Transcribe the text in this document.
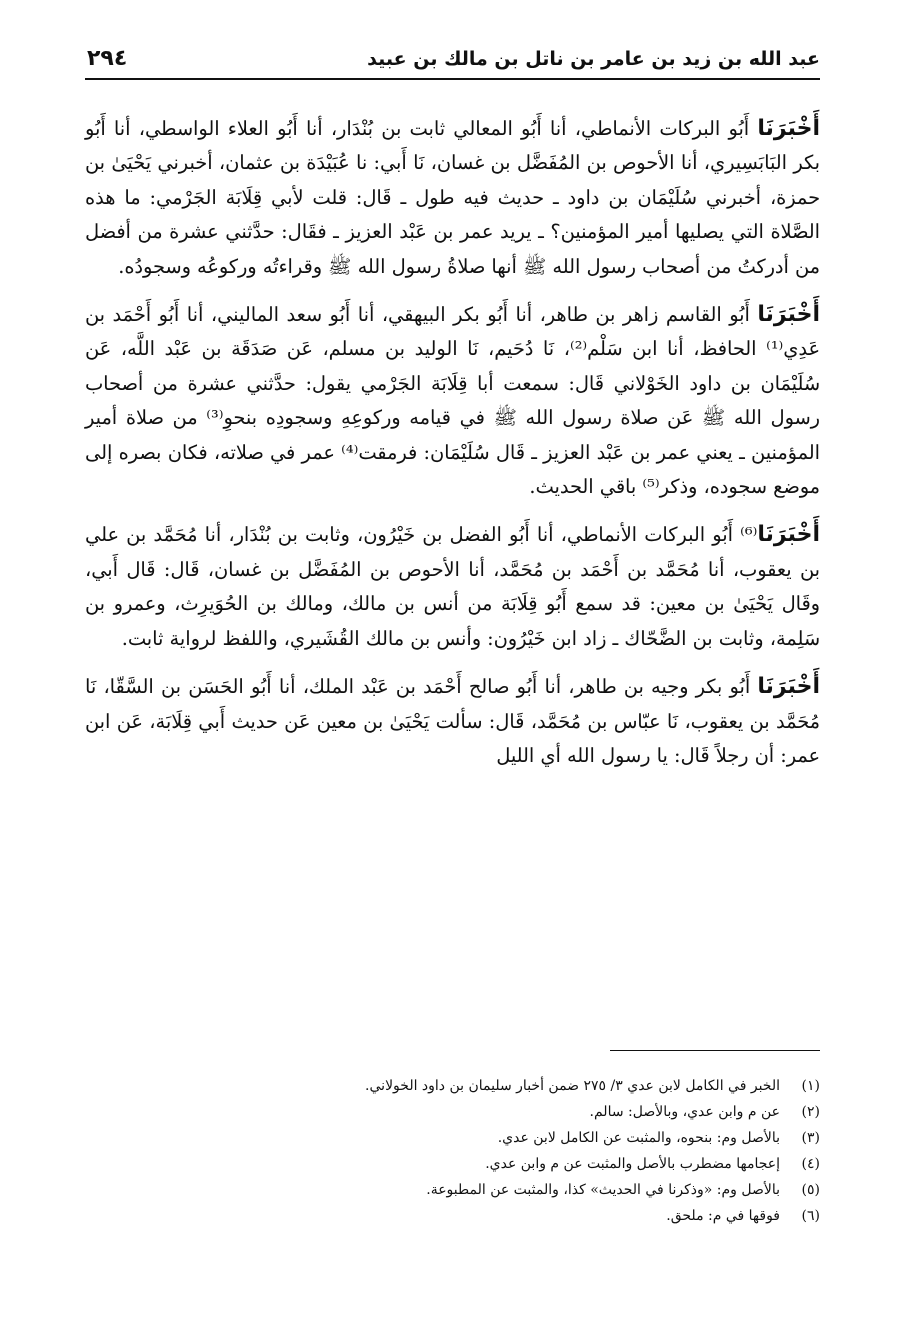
عبد الله بن زيد بن عامر بن ناتل بن مالك بن عبيد
٢٩٤

أَخْبَرَنَا أَبُو البركات الأنماطي، أنا أَبُو المعالي ثابت بن بُنْدَار، أنا أَبُو العلاء الواسطي، أنا أَبُو بكر البَابَسِيري، أنا الأحوص بن المُفَضَّل بن غسان، نَا أَبي: نا عُبَيْدَة بن عثمان، أخبرني يَحْيَىٰ بن حمزة، أخبرني سُلَيْمَان بن داود ـ حديث فيه طول ـ قَال: قلت لأبي قِلَابَة الجَرْمي: ما هذه الصَّلاة التي يصليها أمير المؤمنين؟ ـ يريد عمر بن عَبْد العزيز ـ فقَال: حدَّثني عشرة من أفضل من أدركتُ من أصحاب رسول الله ﷺ أنها صلاةُ رسول الله ﷺ وقراءتُه وركوعُه وسجودُه.

أَخْبَرَنَا أَبُو القاسم زاهر بن طاهر، أنا أَبُو بكر البيهقي، أنا أَبُو سعد الماليني، أنا أَبُو أَحْمَد بن عَدِي⁽¹⁾ الحافظ، أنا ابن سَلْم⁽²⁾، نَا دُحَيم، نَا الوليد بن مسلم، عَن صَدَقَة بن عَبْد اللَّه، عَن سُلَيْمَان بن داود الخَوْلاني قَال: سمعت أبا قِلَابَة الجَرْمي يقول: حدَّثني عشرة من أصحاب رسول الله ﷺ عَن صلاة رسول الله ﷺ في قيامه وركوعِهِ وسجودِه بنحوِ⁽³⁾ من صلاة أمير المؤمنين ـ يعني عمر بن عَبْد العزيز ـ قَال سُلَيْمَان: فرمقت⁽⁴⁾ عمر في صلاته، فكان بصره إلى موضع سجوده، وذكر⁽⁵⁾ باقي الحديث.

أَخْبَرَنَا⁽⁶⁾ أَبُو البركات الأنماطي، أنا أَبُو الفضل بن خَيْرُون، وثابت بن بُنْدَار، أنا مُحَمَّد بن علي بن يعقوب، أنا مُحَمَّد بن أَحْمَد بن مُحَمَّد، أنا الأحوص بن المُفَضَّل بن غسان، قَال: قَال أَبي، وقَال يَحْيَىٰ بن معين: قد سمع أَبُو قِلَابَة من أنس بن مالك، ومالك بن الحُوَيرِث، وعمرو بن سَلِمة، وثابت بن الضَّحّاك ـ زاد ابن خَيْرُون: وأنس بن مالك القُشَيري، واللفظ لرواية ثابت.

أَخْبَرَنَا أَبُو بكر وجيه بن طاهر، أنا أَبُو صالح أَحْمَد بن عَبْد الملك، أنا أَبُو الحَسَن بن السَّقّا، نَا مُحَمَّد بن يعقوب، نَا عبّاس بن مُحَمَّد، قَال: سألت يَحْيَىٰ بن معين عَن حديث أَبي قِلَابَة، عَن ابن عمر: أن رجلاً قَال: يا رسول الله أي الليل

(١)الخبر في الكامل لابن عدي ٣/ ٢٧٥ ضمن أخبار سليمان بن داود الخولاني.
(٢)عن م وابن عدي، وبالأصل: سالم.
(٣)بالأصل وم: بنحوه، والمثبت عن الكامل لابن عدي.
(٤)إعجامها مضطرب بالأصل والمثبت عن م وابن عدي.
(٥)بالأصل وم: «وذكرنا في الحديث» كذا، والمثبت عن المطبوعة.
(٦)فوقها في م: ملحق.
